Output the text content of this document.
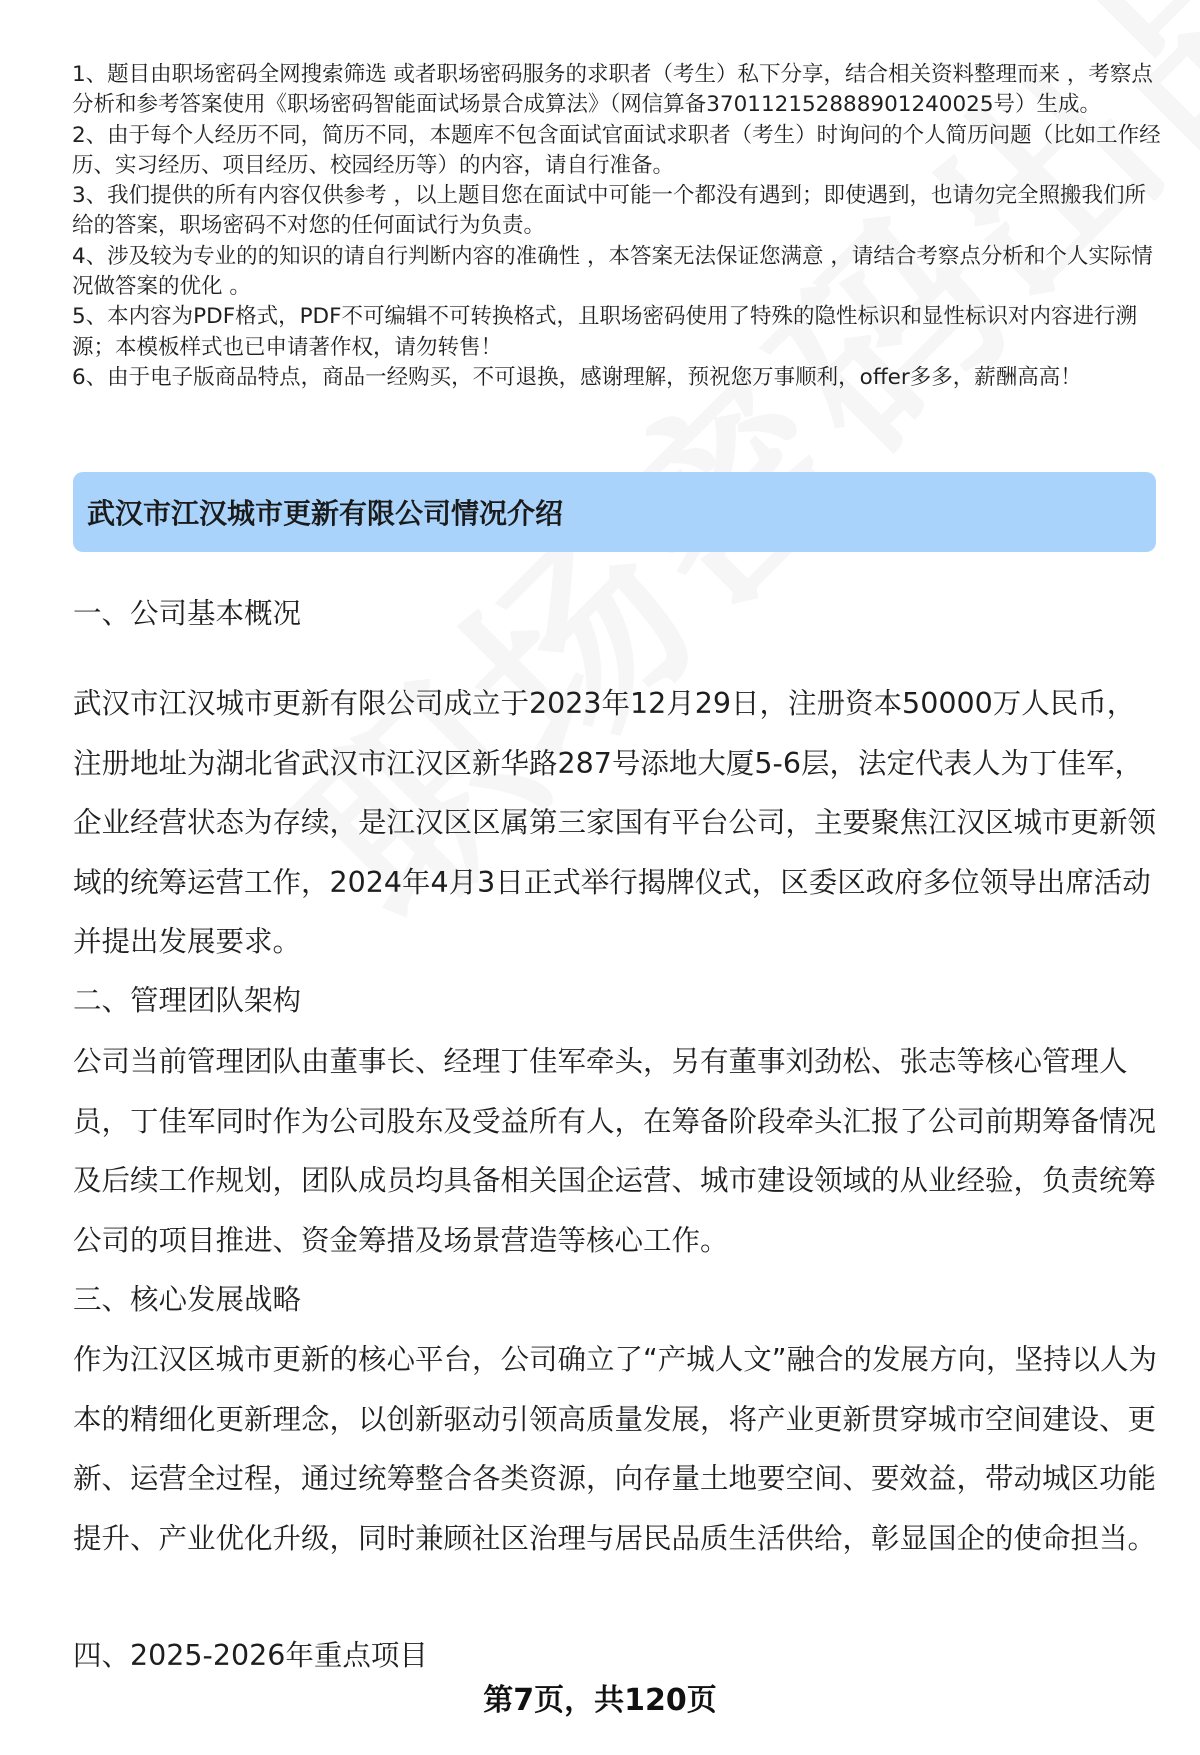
1、题目由职场密码全网搜索筛选 或者职场密码服务的求职者（考生）私下分享，结合相关资料整理而来 ，考察点分析和参考答案使用《职场密码智能面试场景合成算法》（网信算备370112152888901240025号）生成。

2、由于每个人经历不同，简历不同，本题库不包含面试官面试求职者（考生）时询问的个人简历问题（比如工作经历、实习经历、项目经历、校园经历等）的内容，请自行准备。

3、我们提供的所有内容仅供参考 ，以上题目您在面试中可能一个都没有遇到；即使遇到，也请勿完全照搬我们所给的答案，职场密码不对您的任何面试行为负责。

4、涉及较为专业的的知识的请自行判断内容的准确性 ，本答案无法保证您满意 ，请结合考察点分析和个人实际情况做答案的优化 。

5、本内容为PDF格式，PDF不可编辑不可转换格式，且职场密码使用了特殊的隐性标识和显性标识对内容进行溯源；本模板样式也已申请著作权，请勿转售！

6、由于电子版商品特点，商品一经购买，不可退换，感谢理解，预祝您万事顺利，offer多多，薪酬高高！

武汉市江汉城市更新有限公司情况介绍

一、公司基本概况

武汉市江汉城市更新有限公司成立于2023年12月29日，注册资本50000万人民币，注册地址为湖北省武汉市江汉区新华路287号添地大厦5-6层，法定代表人为丁佳军，企业经营状态为存续，是江汉区区属第三家国有平台公司，主要聚焦江汉区城市更新领域的统筹运营工作，2024年4月3日正式举行揭牌仪式，区委区政府多位领导出席活动并提出发展要求。

二、管理团队架构

公司当前管理团队由董事长、经理丁佳军牵头，另有董事刘劲松、张志等核心管理人员，丁佳军同时作为公司股东及受益所有人，在筹备阶段牵头汇报了公司前期筹备情况及后续工作规划，团队成员均具备相关国企运营、城市建设领域的从业经验，负责统筹公司的项目推进、资金筹措及场景营造等核心工作。

三、核心发展战略

作为江汉区城市更新的核心平台，公司确立了“产城人文”融合的发展方向，坚持以人为本的精细化更新理念，以创新驱动引领高质量发展，将产业更新贯穿城市空间建设、更新、运营全过程，通过统筹整合各类资源，向存量土地要空间、要效益，带动城区功能提升、产业优化升级，同时兼顾社区治理与居民品质生活供给，彰显国企的使命担当。

四、2025-2026年重点项目

第7页，共120页
